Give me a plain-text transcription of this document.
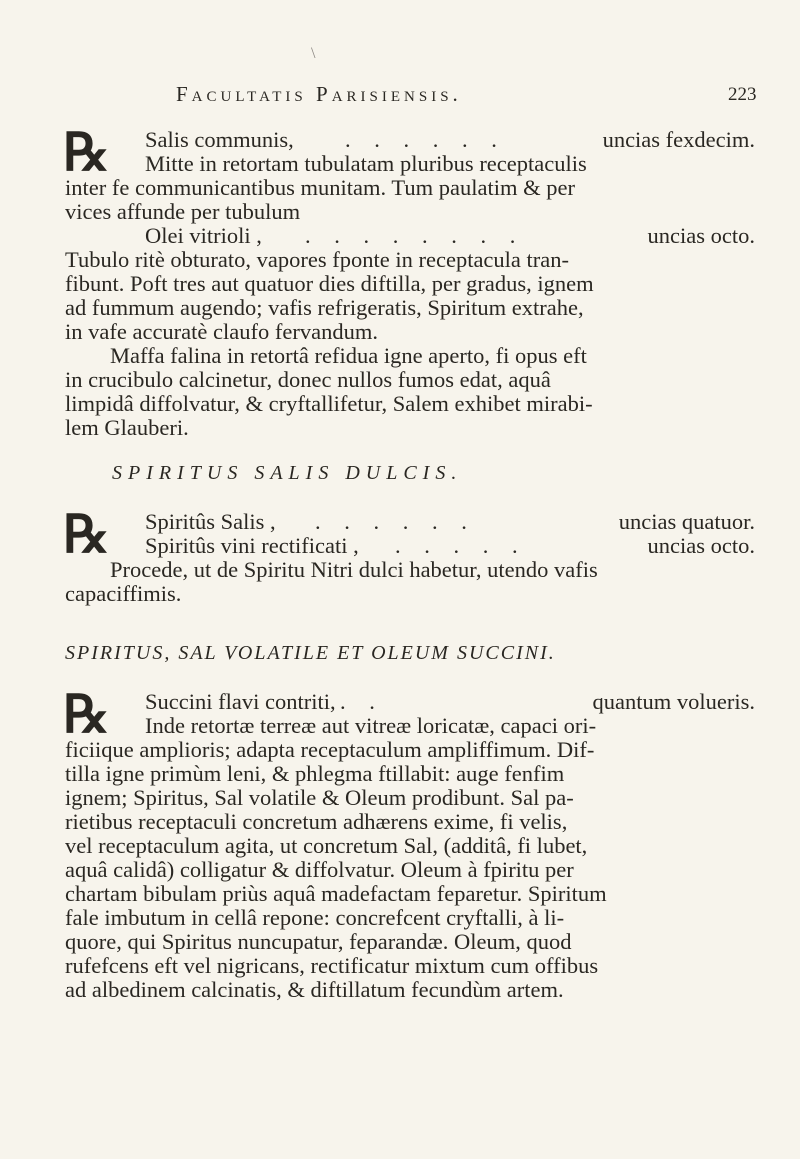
\
Facultatis Parisiensis.	223
℞	Salis communis, . . . . . .	uncias fexdecim.
Mitte in retortam tubulatam pluribus receptaculis
inter fe communicantibus munitam. Tum paulatim & per
vices affunde per tubulum
Olei vitrioli , . . . . . . . .	uncias octo.
Tubulo ritè obturato, vapores fponte in receptacula tran-
fibunt. Poft tres aut quatuor dies diftilla, per gradus, ignem
ad fummum augendo; vafis refrigeratis, Spiritum extrahe,
in vafe accuratè claufo fervandum.
Maffa falina in retortâ refidua igne aperto, fi opus eft
in crucibulo calcinetur, donec nullos fumos edat, aquâ
limpidâ diffolvatur, & cryftallifetur, Salem exhibet mirabi-
lem Glauberi.
SPIRITUS SALIS DULCIS.
℞	Spiritûs Salis , . . . . . .	uncias quatuor.
Spiritûs vini rectificati , . . . . .	uncias octo.
Procede, ut de Spiritu Nitri dulci habetur, utendo vafis
capaciffimis.
SPIRITUS, SAL VOLATILE ET OLEUM SUCCINI.
℞	Succini flavi contriti, . .	quantum volueris.
Inde retortæ terreæ aut vitreæ loricatæ, capaci ori-
ficiique amplioris; adapta receptaculum ampliffimum. Dif-
tilla igne primùm leni, & phlegma ftillabit: auge fenfim
ignem; Spiritus, Sal volatile & Oleum prodibunt. Sal pa-
rietibus receptaculi concretum adhærens exime, fi velis,
vel receptaculum agita, ut concretum Sal, (additâ, fi lubet,
aquâ calidâ) colligatur & diffolvatur. Oleum à fpiritu per
chartam bibulam priùs aquâ madefactam feparetur. Spiritum
fale imbutum in cellâ repone: concrefcent cryftalli, à li-
quore, qui Spiritus nuncupatur, feparandæ. Oleum, quod
rufefcens eft vel nigricans, rectificatur mixtum cum offibus
ad albedinem calcinatis, & diftillatum fecundùm artem.
